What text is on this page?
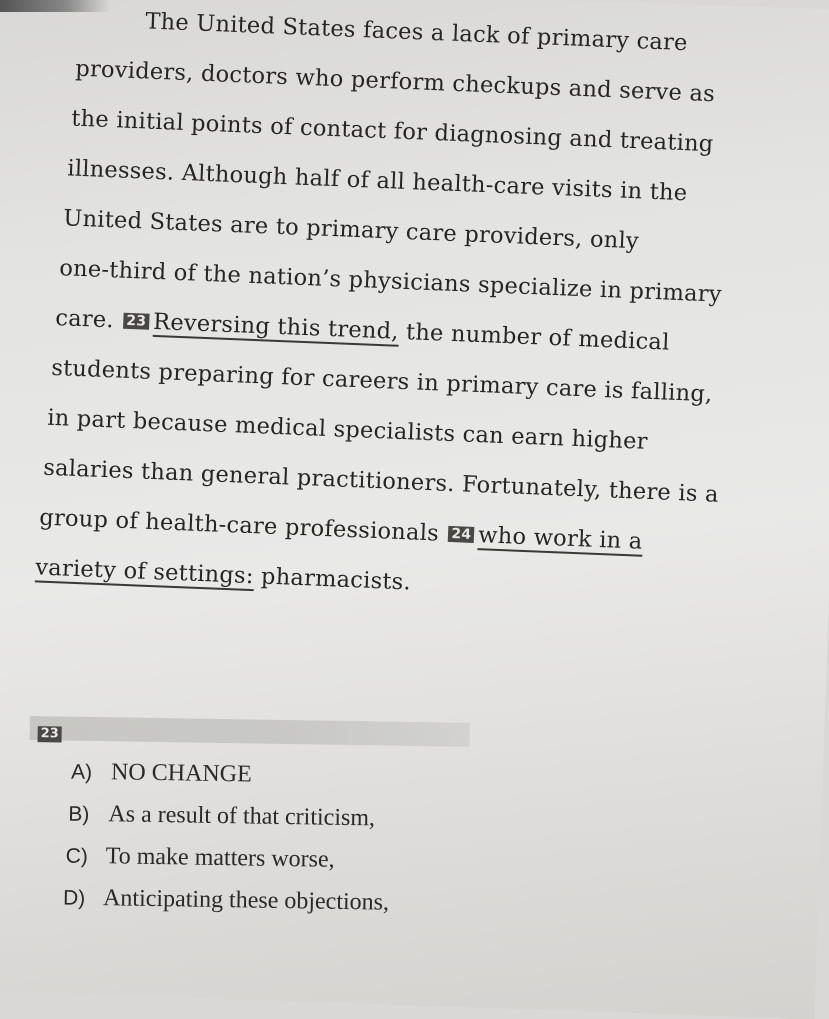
The United States faces a lack of primary care
providers, doctors who perform checkups and serve as
the initial points of contact for diagnosing and treating
illnesses. Although half of all health-care visits in the
United States are to primary care providers, only
one-third of the nation’s physicians specialize in primary
care. 23 Reversing this trend, the number of medical
students preparing for careers in primary care is falling,
in part because medical specialists can earn higher
salaries than general practitioners. Fortunately, there is a
group of health-care professionals 24 who work in a
variety of settings: pharmacists.
23
A) NO CHANGE
B) As a result of that criticism,
C) To make matters worse,
D) Anticipating these objections,
